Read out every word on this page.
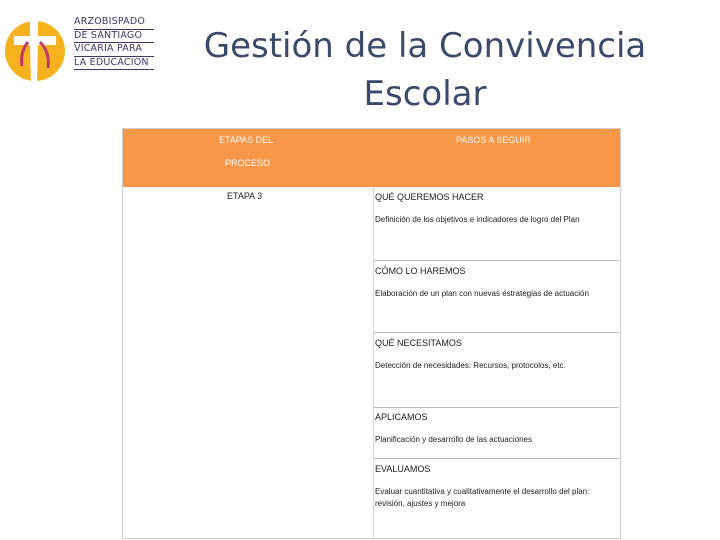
ARZOBISPADO
DE SANTIAGO
VICARÍA PARA
LA EDUCACIÓN	Gestión de la Convivencia
Escolar
ETAPAS DEL
PROCESO
PASOS A SEGUIR
ETAPA 3	QUÉ QUEREMOS HACER
Definición de los objetivos e indicadores de logro del Plan
CÓMO LO HAREMOS
Elaboración de un plan con nuevas estrategias de actuación
QUÉ NECESITAMOS
Detección de necesidades: Recursos, protocolos, etc.
APLICAMOS
Planificación y desarrollo de las actuaciones
EVALUAMOS
Evaluar cuantitativa y cualitativamente el desarrollo del plan: revisión, ajustes y mejora
